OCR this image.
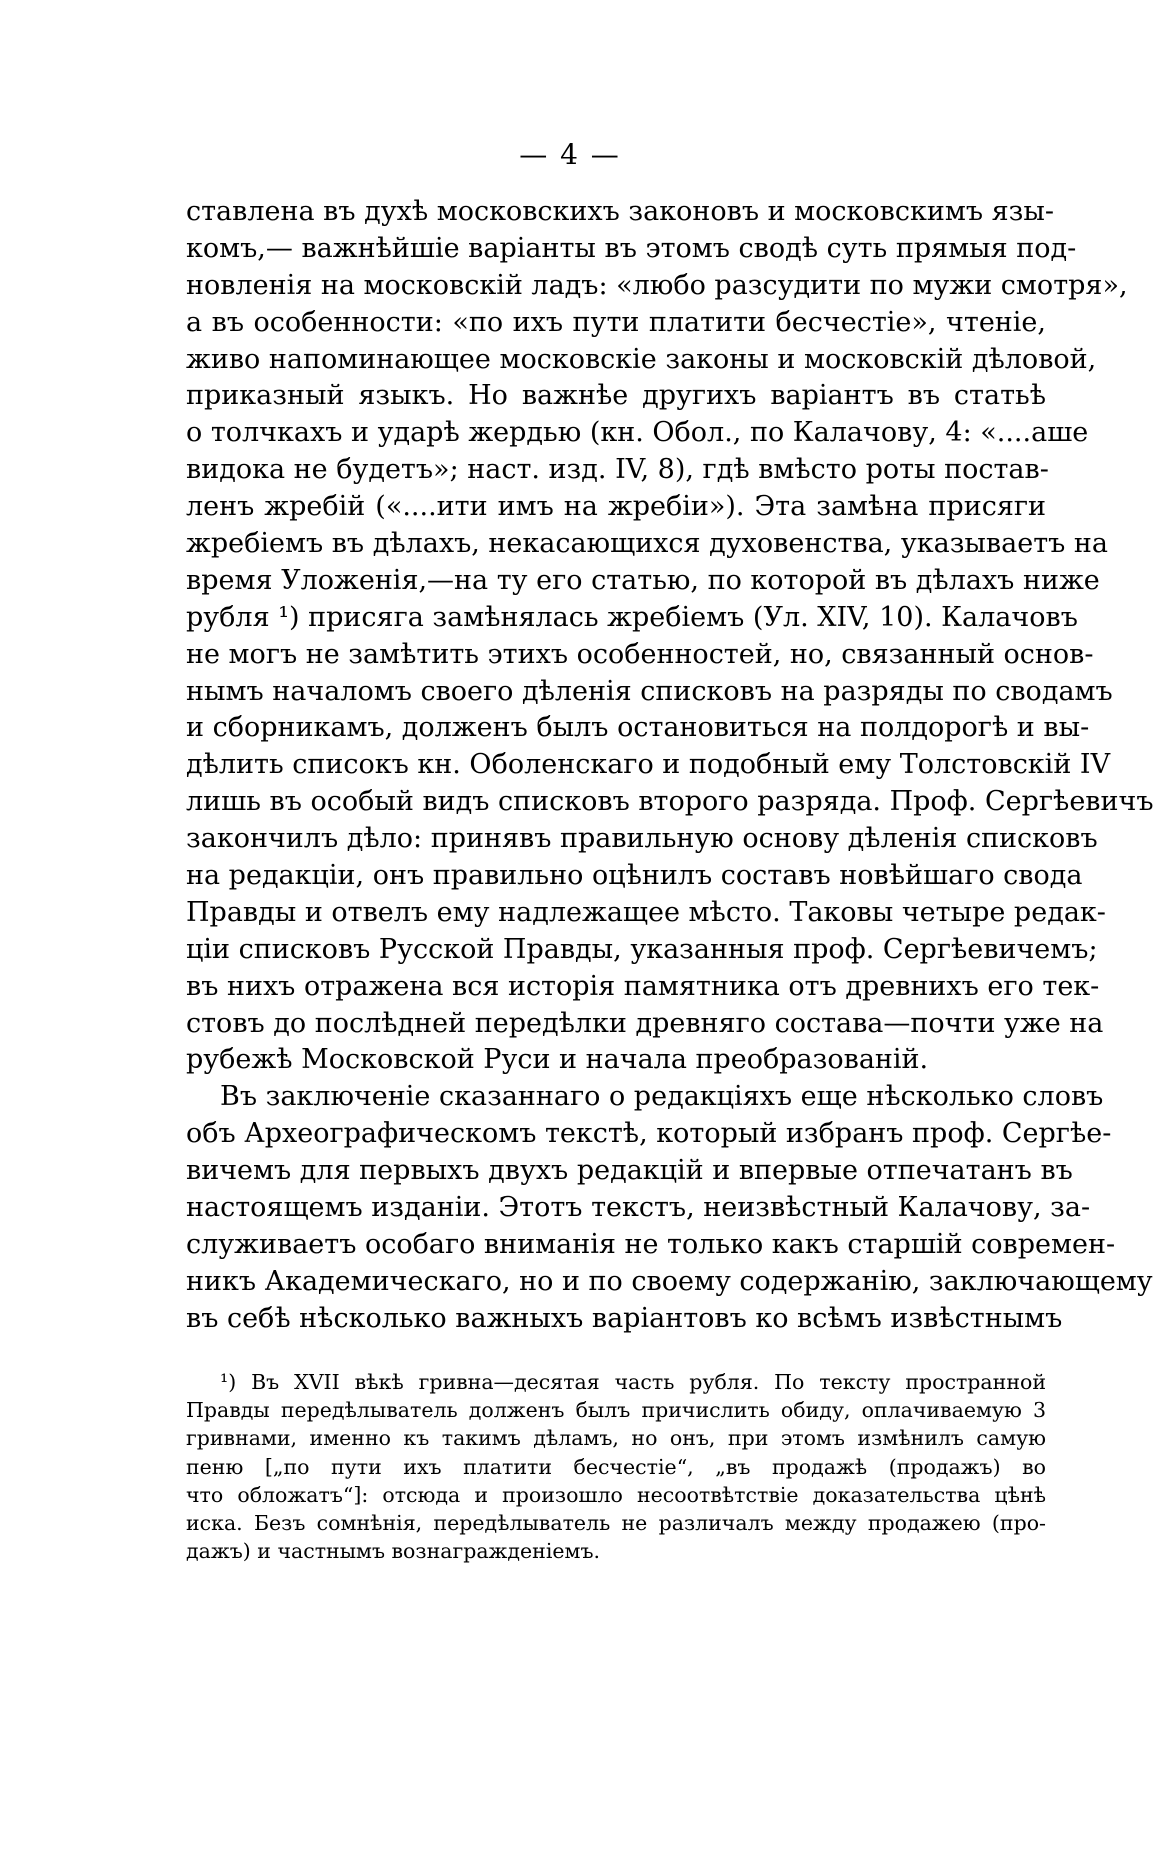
— 4 —
ставлена въ духѣ московскихъ законовъ и московскимъ язы-
комъ,— важнѣйшіе варіанты въ этомъ сводѣ суть прямыя под-
новленія на московскій ладъ: «любо разсудити по мужи смотря»,
а въ особенности: «по ихъ пути платити бесчестіе», чтеніе,
живо напоминающее московскіе законы и московскій дѣловой,
приказный языкъ. Но важнѣе другихъ варіантъ въ статьѣ
о толчкахъ и ударѣ жердью (кн. Обол., по Калачову, 4: «....аше
видока не будетъ»; наст. изд. IV, 8), гдѣ вмѣсто роты постав-
ленъ жребій («....ити имъ на жребіи»). Эта замѣна присяги
жребіемъ въ дѣлахъ, некасающихся духовенства, указываетъ на
время Уложенія,—на ту его статью, по которой въ дѣлахъ ниже
рубля ¹) присяга замѣнялась жребіемъ (Ул. XIV, 10). Калачовъ
не могъ не замѣтить этихъ особенностей, но, связанный основ-
нымъ началомъ своего дѣленія списковъ на разряды по сводамъ
и сборникамъ, долженъ былъ остановиться на полдорогѣ и вы-
дѣлить списокъ кн. Оболенскаго и подобный ему Толстовскій IV
лишь въ особый видъ списковъ второго разряда. Проф. Сергѣевичъ
закончилъ дѣло: принявъ правильную основу дѣленія списковъ
на редакціи, онъ правильно оцѣнилъ составъ новѣйшаго свода
Правды и отвелъ ему надлежащее мѣсто. Таковы четыре редак-
ціи списковъ Русской Правды, указанныя проф. Сергѣевичемъ;
въ нихъ отражена вся исторія памятника отъ древнихъ его тек-
стовъ до послѣдней передѣлки древняго состава—почти уже на
рубежѣ Московской Руси и начала преобразованій.
Въ заключеніе сказаннаго о редакціяхъ еще нѣсколько словъ
объ Археографическомъ текстѣ, который избранъ проф. Сергѣе-
вичемъ для первыхъ двухъ редакцій и впервые отпечатанъ въ
настоящемъ изданіи. Этотъ текстъ, неизвѣстный Калачову, за-
служиваетъ особаго вниманія не только какъ старшій современ-
никъ Академическаго, но и по своему содержанію, заключающему
въ себѣ нѣсколько важныхъ варіантовъ ко всѣмъ извѣстнымъ
¹) Въ XVII вѣкѣ гривна—десятая часть рубля. По тексту пространной
Правды передѣлыватель долженъ былъ причислить обиду, оплачиваемую 3
гривнами, именно къ такимъ дѣламъ, но онъ, при этомъ измѣнилъ самую
пеню [„по пути ихъ платити бесчестіе“, „въ продажѣ (продажъ) во
что обложатъ“]: отсюда и произошло несоотвѣтствіе доказательства цѣнѣ
иска. Безъ сомнѣнія, передѣлыватель не различалъ между продажею (про-
дажъ) и частнымъ вознагражденіемъ.
